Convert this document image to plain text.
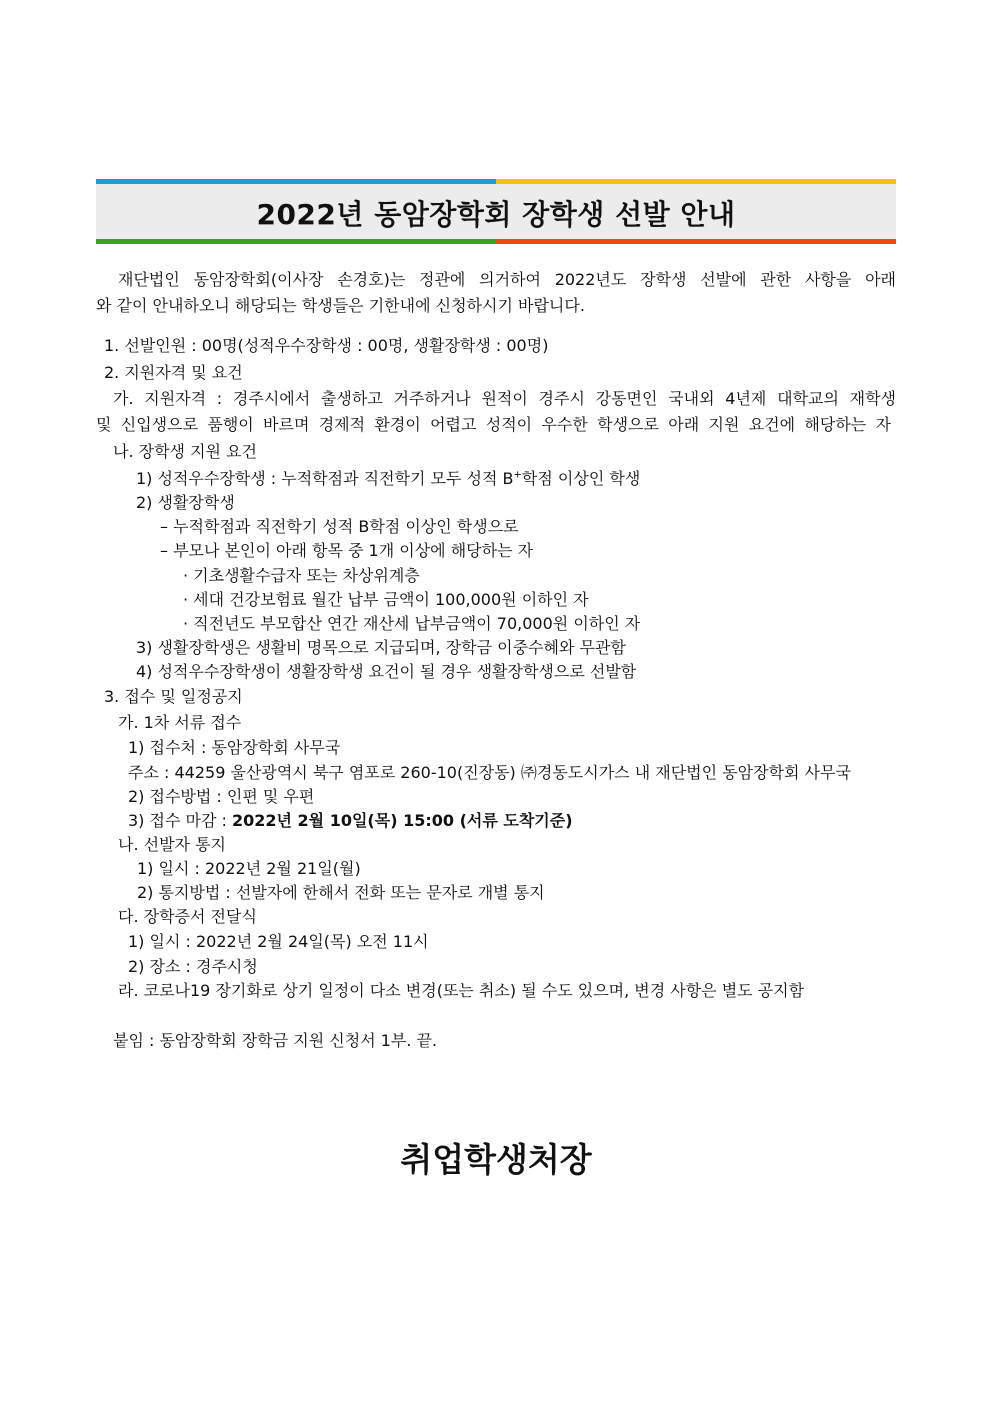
2022년 동암장학회 장학생 선발 안내
재단법인 동암장학회(이사장 손경호)는 정관에 의거하여 2022년도 장학생 선발에 관한 사항을 아래
와 같이 안내하오니 해당되는 학생들은 기한내에 신청하시기 바랍니다.
1. 선발인원 : 00명(성적우수장학생 : 00명, 생활장학생 : 00명)
2. 지원자격 및 요건
가. 지원자격 : 경주시에서 출생하고 거주하거나 원적이 경주시 강동면인 국내외 4년제 대학교의 재학생
및 신입생으로 품행이 바르며 경제적 환경이 어렵고 성적이 우수한 학생으로 아래 지원 요건에 해당하는 자
나. 장학생 지원 요건
1) 성적우수장학생 : 누적학점과 직전학기 모두 성적 B+학점 이상인 학생
2) 생활장학생
– 누적학점과 직전학기 성적 B학점 이상인 학생으로
– 부모나 본인이 아래 항목 중 1개 이상에 해당하는 자
· 기초생활수급자 또는 차상위계층
· 세대 건강보험료 월간 납부 금액이 100,000원 이하인 자
· 직전년도 부모합산 연간 재산세 납부금액이 70,000원 이하인 자
3) 생활장학생은 생활비 명목으로 지급되며, 장학금 이중수혜와 무관함
4) 성적우수장학생이 생활장학생 요건이 될 경우 생활장학생으로 선발함
3. 접수 및 일정공지
가. 1차 서류 접수
1) 접수처 : 동암장학회 사무국
주소 : 44259 울산광역시 북구 염포로 260-10(진장동) ㈜경동도시가스 내 재단법인 동암장학회 사무국
2) 접수방법 : 인편 및 우편
3) 접수 마감 : 2022년 2월 10일(목) 15:00 (서류 도착기준)
나. 선발자 통지
1) 일시 : 2022년 2월 21일(월)
2) 통지방법 : 선발자에 한해서 전화 또는 문자로 개별 통지
다. 장학증서 전달식
1) 일시 : 2022년 2월 24일(목) 오전 11시
2) 장소 : 경주시청
라. 코로나19 장기화로 상기 일정이 다소 변경(또는 취소) 될 수도 있으며, 변경 사항은 별도 공지함
붙임 : 동암장학회 장학금 지원 신청서 1부. 끝.
취업학생처장
